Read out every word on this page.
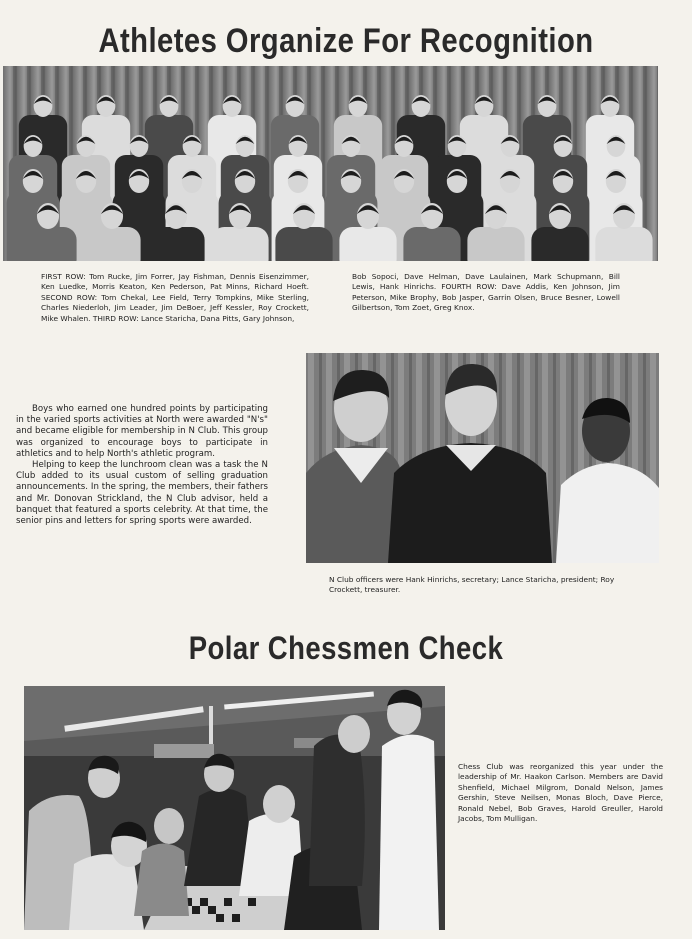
Athletes Organize For Recognition

FIRST ROW: Tom Rucke, Jim Forrer, Jay Fishman, Dennis Eisenzimmer, Ken Luedke, Morris Keaton, Ken Pederson, Pat Minns, Richard Hoeft. SECOND ROW: Tom Chekal, Lee Field, Terry Tompkins, Mike Sterling, Charles Niederloh, Jim Leader, Jim DeBoer, Jeff Kessler, Roy Crockett, Mike Whalen. THIRD ROW: Lance Staricha, Dana Pitts, Gary Johnson,

Bob Sopoci, Dave Helman, Dave Laulainen, Mark Schupmann, Bill Lewis, Hank Hinrichs. FOURTH ROW: Dave Addis, Ken Johnson, Jim Peterson, Mike Brophy, Bob Jasper, Garrin Olsen, Bruce Besner, Lowell Gilbertson, Tom Zoet, Greg Knox.

Boys who earned one hundred points by participating in the varied sports activities at North were awarded "N's" and became eligible for membership in N Club. This group was organized to encourage boys to participate in athletics and to help North's athletic program.

Helping to keep the lunchroom clean was a task the N Club added to its usual custom of selling graduation announcements. In the spring, the members, their fathers and Mr. Donovan Strickland, the N Club advisor, held a banquet that featured a sports celebrity. At that time, the senior pins and letters for spring sports were awarded.

N Club officers were Hank Hinrichs, secretary; Lance Staricha, president; Roy Crockett, treasurer.

Polar Chessmen Check

Chess Club was reorganized this year under the leadership of Mr. Haakon Carlson. Members are David Shenfield, Michael Milgrom, Donald Nelson, James Gershin, Steve Neilsen, Monas Bloch, Dave Pierce, Ronald Nebel, Bob Graves, Harold Greuller, Harold Jacobs, Tom Mulligan.
